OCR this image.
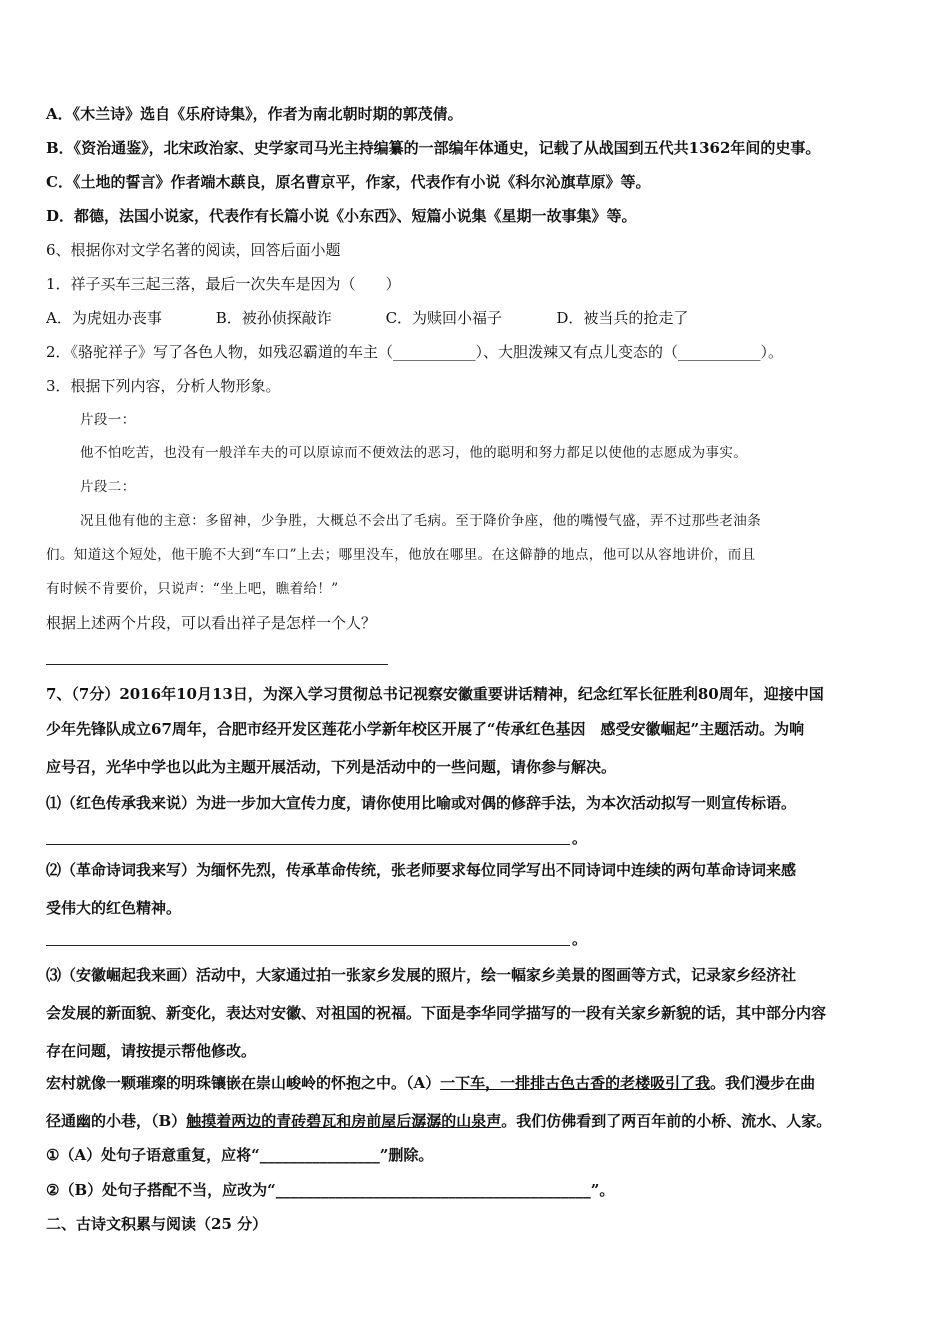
A．《木兰诗》选自《乐府诗集》，作者为南北朝时期的郭茂倩。
B．《资治通鉴》，北宋政治家、史学家司马光主持编纂的一部编年体通史，记载了从战国到五代共1362年间的史事。
C．《土地的誓言》作者端木蕻良，原名曹京平，作家，代表作有小说《科尔沁旗草原》等。
D．都德，法国小说家，代表作有长篇小说《小东西》、短篇小说集《星期一故事集》等。
6、根据你对文学名著的阅读，回答后面小题
1．祥子买车三起三落，最后一次失车是因为（　　）
A．为虎妞办丧事	B．被孙侦探敲诈	C．为赎回小福子	D．被当兵的抢走了
2．《骆驼祥子》写了各色人物，如残忍霸道的车主（___________）、大胆泼辣又有点儿变态的（___________）。
3．根据下列内容，分析人物形象。
片段一：
他不怕吃苦，也没有一般洋车夫的可以原谅而不便效法的恶习，他的聪明和努力都足以使他的志愿成为事实。
片段二：
况且他有他的主意：多留神，少争胜，大概总不会出了毛病。至于降价争座，他的嘴慢气盛，弄不过那些老油条
们。知道这个短处，他干脆不大到“车口”上去；哪里没车，他放在哪里。在这僻静的地点，他可以从容地讲价，而且
有时候不肯要价，只说声：“坐上吧，瞧着给！”
根据上述两个片段，可以看出祥子是怎样一个人？
7、（7分）2016年10月13日，为深入学习贯彻总书记视察安徽重要讲话精神，纪念红军长征胜利80周年，迎接中国
少年先锋队成立67周年，合肥市经开发区莲花小学新年校区开展了“传承红色基因　感受安徽崛起”主题活动。为响
应号召，光华中学也以此为主题开展活动，下列是活动中的一些问题，请你参与解决。
⑴（红色传承我来说）为进一步加大宣传力度，请你使用比喻或对偶的修辞手法，为本次活动拟写一则宣传标语。
。
⑵（革命诗词我来写）为缅怀先烈，传承革命传统，张老师要求每位同学写出不同诗词中连续的两句革命诗词来感
受伟大的红色精神。
。
⑶（安徽崛起我来画）活动中，大家通过拍一张家乡发展的照片，绘一幅家乡美景的图画等方式，记录家乡经济社
会发展的新面貌、新变化，表达对安徽、对祖国的祝福。下面是李华同学描写的一段有关家乡新貌的话，其中部分内容
存在问题，请按提示帮他修改。
宏村就像一颗璀璨的明珠镶嵌在崇山峻岭的怀抱之中。（A）一下车，一排排古色古香的老楼吸引了我。我们漫步在曲
径通幽的小巷，（B）触摸着两边的青砖碧瓦和房前屋后潺潺的山泉声。我们仿佛看到了两百年前的小桥、流水、人家。
①（A）处句子语意重复，应将“________________”删除。
②（B）处句子搭配不当，应改为“__________________________________________”。
二、古诗文积累与阅读（25 分）
